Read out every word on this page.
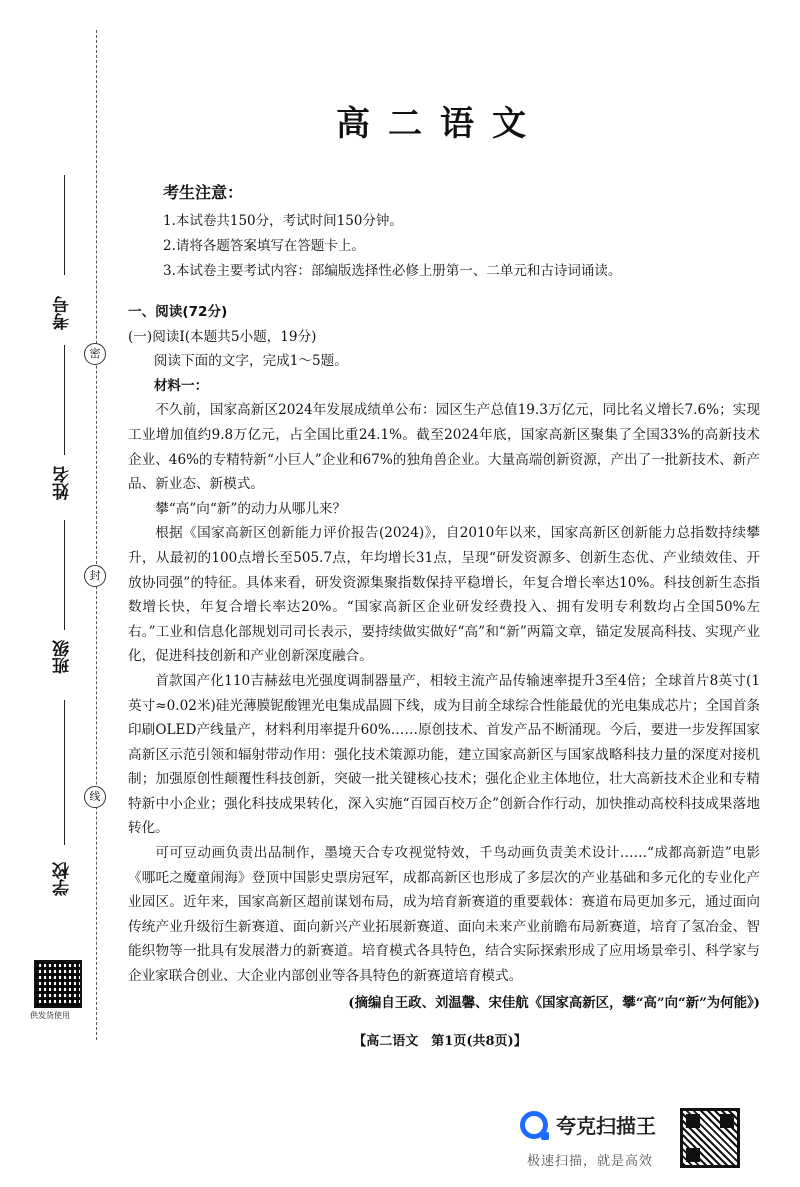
考号
姓名
班级
学校
密
封
线
供发货使用
高二语文
考生注意：

1.本试卷共150分，考试时间150分钟。

2.请将各题答案填写在答题卡上。

3.本试卷主要考试内容：部编版选择性必修上册第一、二单元和古诗词诵读。

一、阅读(72分)

(一)阅读Ⅰ(本题共5小题，19分)

阅读下面的文字，完成1～5题。

材料一：

不久前，国家高新区2024年发展成绩单公布：园区生产总值19.3万亿元，同比名义增长7.6%；实现工业增加值约9.8万亿元，占全国比重24.1%。截至2024年底，国家高新区聚集了全国33%的高新技术企业、46%的专精特新“小巨人”企业和67%的独角兽企业。大量高端创新资源，产出了一批新技术、新产品、新业态、新模式。

攀“高”向“新”的动力从哪儿来？

根据《国家高新区创新能力评价报告(2024)》，自2010年以来，国家高新区创新能力总指数持续攀升，从最初的100点增长至505.7点，年均增长31点，呈现“研发资源多、创新生态优、产业绩效佳、开放协同强”的特征。具体来看，研发资源集聚指数保持平稳增长，年复合增长率达10%。科技创新生态指数增长快，年复合增长率达20%。“国家高新区企业研发经费投入、拥有发明专利数均占全国50%左右。”工业和信息化部规划司司长表示，要持续做实做好“高”和“新”两篇文章，锚定发展高科技、实现产业化，促进科技创新和产业创新深度融合。

首款国产化110吉赫兹电光强度调制器量产，相较主流产品传输速率提升3至4倍；全球首片8英寸(1英寸≈0.02米)硅光薄膜铌酸锂光电集成晶圆下线，成为目前全球综合性能最优的光电集成芯片；全国首条印刷OLED产线量产，材料利用率提升60%……原创技术、首发产品不断涌现。今后，要进一步发挥国家高新区示范引领和辐射带动作用：强化技术策源功能，建立国家高新区与国家战略科技力量的深度对接机制；加强原创性颠覆性科技创新，突破一批关键核心技术；强化企业主体地位，壮大高新技术企业和专精特新中小企业；强化科技成果转化，深入实施“百园百校万企”创新合作行动，加快推动高校科技成果落地转化。

可可豆动画负责出品制作，墨境天合专攻视觉特效，千鸟动画负责美术设计……“成都高新造”电影《哪吒之魔童闹海》登顶中国影史票房冠军，成都高新区也形成了多层次的产业基础和多元化的专业化产业园区。近年来，国家高新区超前谋划布局，成为培育新赛道的重要载体：赛道布局更加多元，通过面向传统产业升级衍生新赛道、面向新兴产业拓展新赛道、面向未来产业前瞻布局新赛道，培育了氢冶金、智能织物等一批具有发展潜力的新赛道。培育模式各具特色，结合实际探索形成了应用场景牵引、科学家与企业家联合创业、大企业内部创业等各具特色的新赛道培育模式。

(摘编自王政、刘温馨、宋佳航《国家高新区，攀“高”向“新”为何能》)

【高二语文　第1页(共8页)】
夸克扫描王
极速扫描，就是高效
